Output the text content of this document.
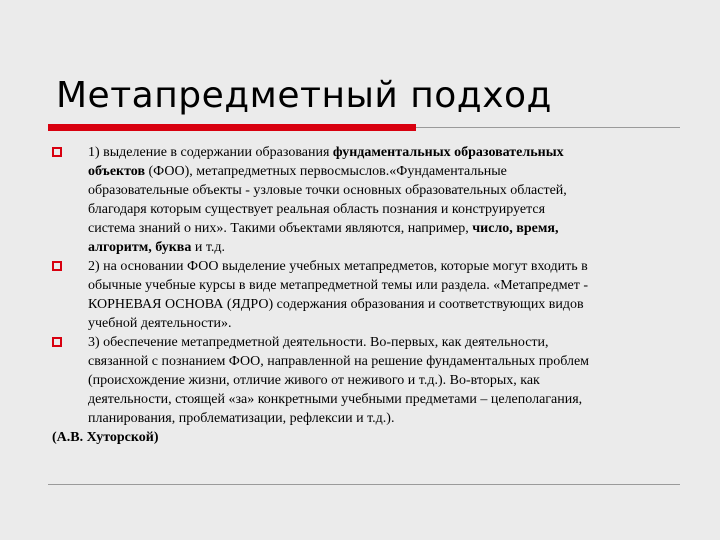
Метапредметный подход
1) выделение в содержании образования фундаментальных образовательных
объектов (ФОО), метапредметных первосмыслов.«Фундаментальные
образовательные объекты - узловые точки основных образовательных областей,
благодаря которым существует реальная область познания и конструируется
система знаний о них». Такими объектами являются, например, число, время,
алгоритм, буква и т.д.
2) на основании ФОО выделение учебных метапредметов, которые могут входить в
обычные учебные курсы в виде метапредметной темы или раздела. «Метапредмет -
КОРНЕВАЯ ОСНОВА (ЯДРО) содержания образования и соответствующих видов
учебной деятельности».
3) обеспечение метапредметной деятельности. Во-первых, как деятельности,
связанной с познанием ФОО, направленной на решение фундаментальных проблем
(происхождение жизни, отличие живого от неживого и т.д.). Во-вторых, как
деятельности, стоящей «за» конкретными учебными предметами – целеполагания,
планирования, проблематизации, рефлексии и т.д.).
(А.В. Хуторской)
